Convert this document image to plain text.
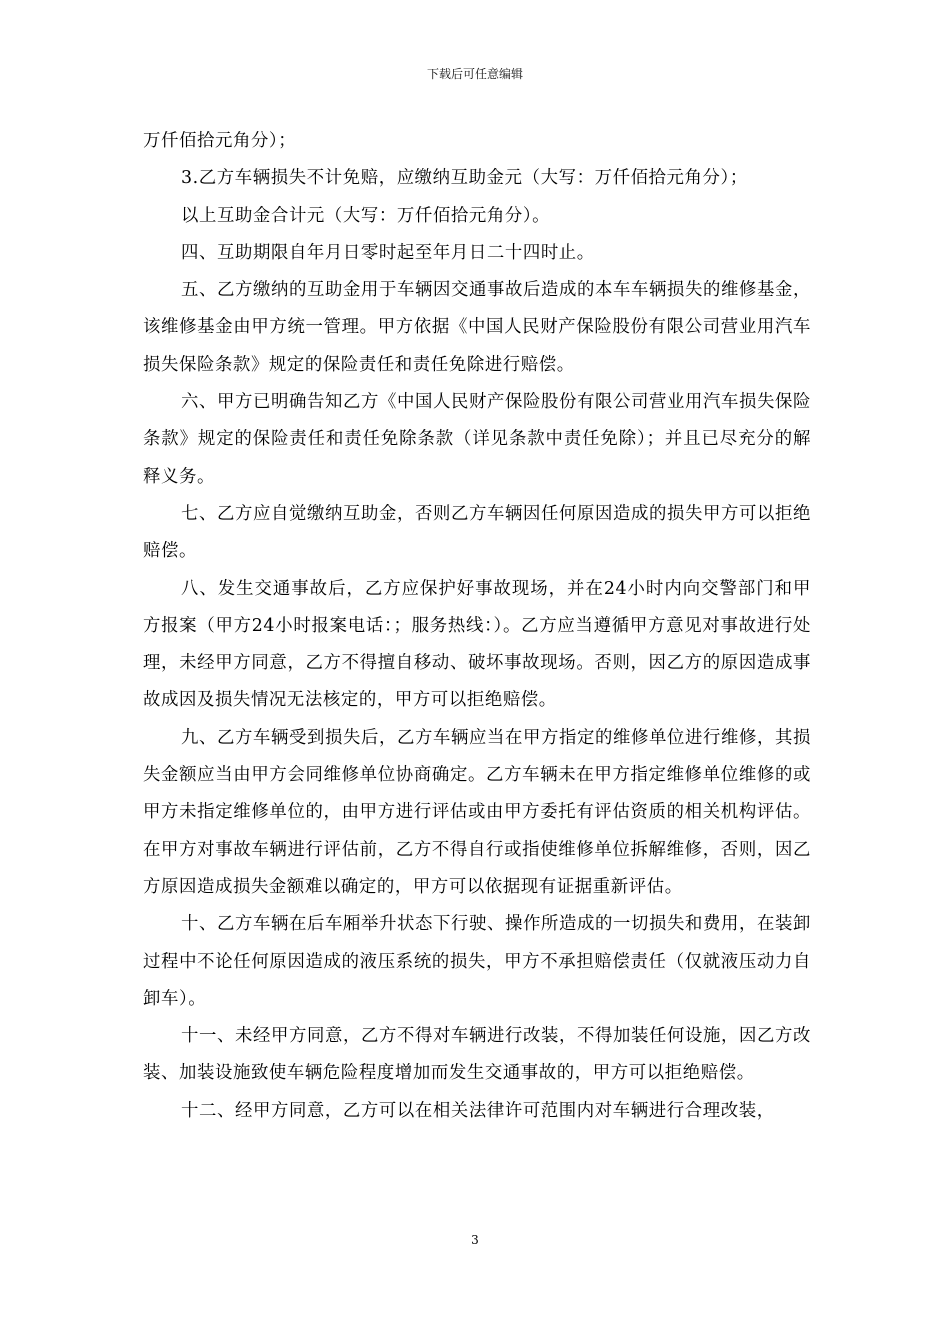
下载后可任意编辑

万仟佰拾元角分）；

3.乙方车辆损失不计免赔，应缴纳互助金元（大写：万仟佰拾元角分）；

以上互助金合计元（大写：万仟佰拾元角分）。

四、互助期限自年月日零时起至年月日二十四时止。

五、乙方缴纳的互助金用于车辆因交通事故后造成的本车车辆损失的维修基金，该维修基金由甲方统一管理。甲方依据《中国人民财产保险股份有限公司营业用汽车损失保险条款》规定的保险责任和责任免除进行赔偿。

六、甲方已明确告知乙方《中国人民财产保险股份有限公司营业用汽车损失保险条款》规定的保险责任和责任免除条款（详见条款中责任免除）；并且已尽充分的解释义务。

七、乙方应自觉缴纳互助金，否则乙方车辆因任何原因造成的损失甲方可以拒绝赔偿。

八、发生交通事故后，乙方应保护好事故现场，并在24小时内向交警部门和甲方报案（甲方24小时报案电话：；服务热线：）。乙方应当遵循甲方意见对事故进行处理，未经甲方同意，乙方不得擅自移动、破坏事故现场。否则，因乙方的原因造成事故成因及损失情况无法核定的，甲方可以拒绝赔偿。

九、乙方车辆受到损失后，乙方车辆应当在甲方指定的维修单位进行维修，其损失金额应当由甲方会同维修单位协商确定。乙方车辆未在甲方指定维修单位维修的或甲方未指定维修单位的，由甲方进行评估或由甲方委托有评估资质的相关机构评估。在甲方对事故车辆进行评估前，乙方不得自行或指使维修单位拆解维修，否则，因乙方原因造成损失金额难以确定的，甲方可以依据现有证据重新评估。

十、乙方车辆在后车厢举升状态下行驶、操作所造成的一切损失和费用，在装卸过程中不论任何原因造成的液压系统的损失，甲方不承担赔偿责任（仅就液压动力自卸车）。

十一、未经甲方同意，乙方不得对车辆进行改装，不得加装任何设施，因乙方改装、加装设施致使车辆危险程度增加而发生交通事故的，甲方可以拒绝赔偿。

十二、经甲方同意，乙方可以在相关法律许可范围内对车辆进行合理改装，

3
